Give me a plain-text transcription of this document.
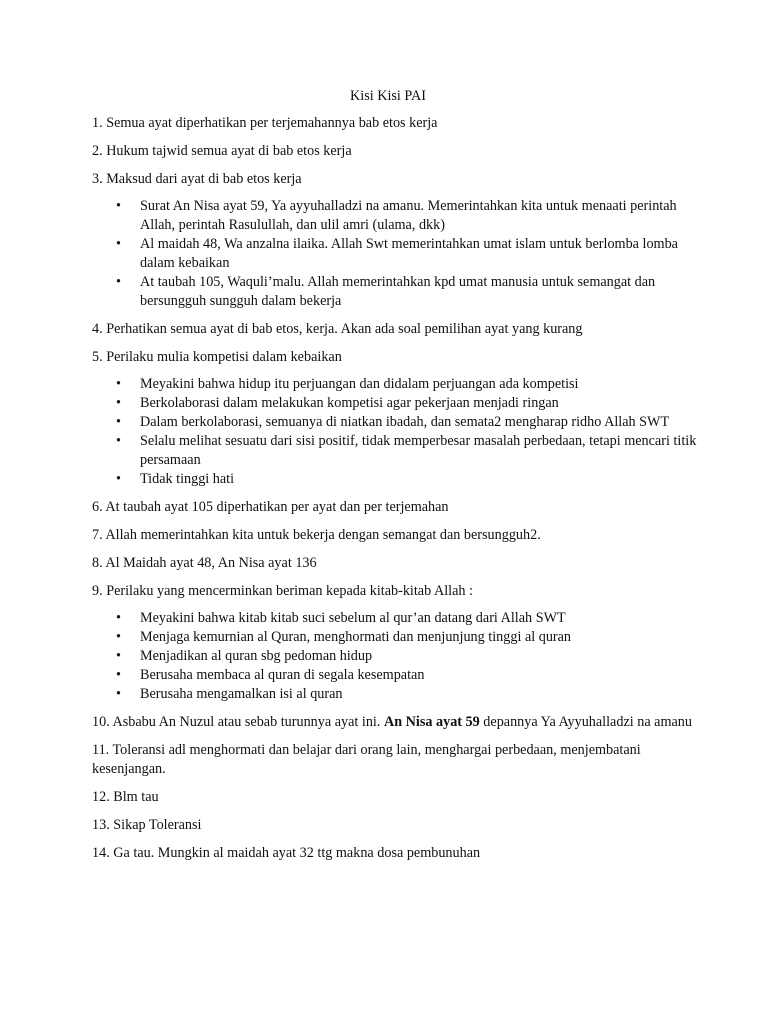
Kisi Kisi PAI

1. Semua ayat diperhatikan per terjemahannya bab etos kerja

2. Hukum tajwid semua ayat di bab etos kerja

3. Maksud dari ayat di bab etos kerja

• Surat An Nisa ayat 59, Ya ayyuhalladzi na amanu. Memerintahkan kita untuk menaati perintah Allah, perintah Rasulullah, dan ulil amri (ulama, dkk)
• Al maidah 48, Wa anzalna ilaika. Allah Swt memerintahkan umat islam untuk berlomba lomba dalam kebaikan
• At taubah 105, Waquli’malu. Allah memerintahkan kpd umat manusia untuk semangat dan bersungguh sungguh dalam bekerja

4. Perhatikan semua ayat di bab etos, kerja. Akan ada soal pemilihan ayat yang kurang

5. Perilaku mulia kompetisi dalam kebaikan

• Meyakini bahwa hidup itu perjuangan dan didalam perjuangan ada kompetisi
• Berkolaborasi dalam melakukan kompetisi agar pekerjaan menjadi ringan
• Dalam berkolaborasi, semuanya di niatkan ibadah, dan semata2 mengharap ridho Allah SWT
• Selalu melihat sesuatu dari sisi positif, tidak memperbesar masalah perbedaan, tetapi mencari titik persamaan
• Tidak tinggi hati

6. At taubah ayat 105 diperhatikan per ayat dan per terjemahan

7. Allah memerintahkan kita untuk bekerja dengan semangat dan bersungguh2.

8. Al Maidah ayat 48, An Nisa ayat 136

9. Perilaku yang mencerminkan beriman kepada kitab-kitab Allah :

• Meyakini bahwa kitab kitab suci sebelum al qur’an datang dari Allah SWT
• Menjaga kemurnian al Quran, menghormati dan menjunjung tinggi al quran
• Menjadikan al quran sbg pedoman hidup
• Berusaha membaca al quran di segala kesempatan
• Berusaha mengamalkan isi al quran

10. Asbabu An Nuzul atau sebab turunnya ayat ini. An Nisa ayat 59 depannya Ya Ayyuhalladzi na amanu

11. Toleransi adl menghormati dan belajar dari orang lain, menghargai perbedaan, menjembatani kesenjangan.

12. Blm tau

13. Sikap Toleransi

14. Ga tau. Mungkin al maidah ayat 32 ttg makna dosa pembunuhan
